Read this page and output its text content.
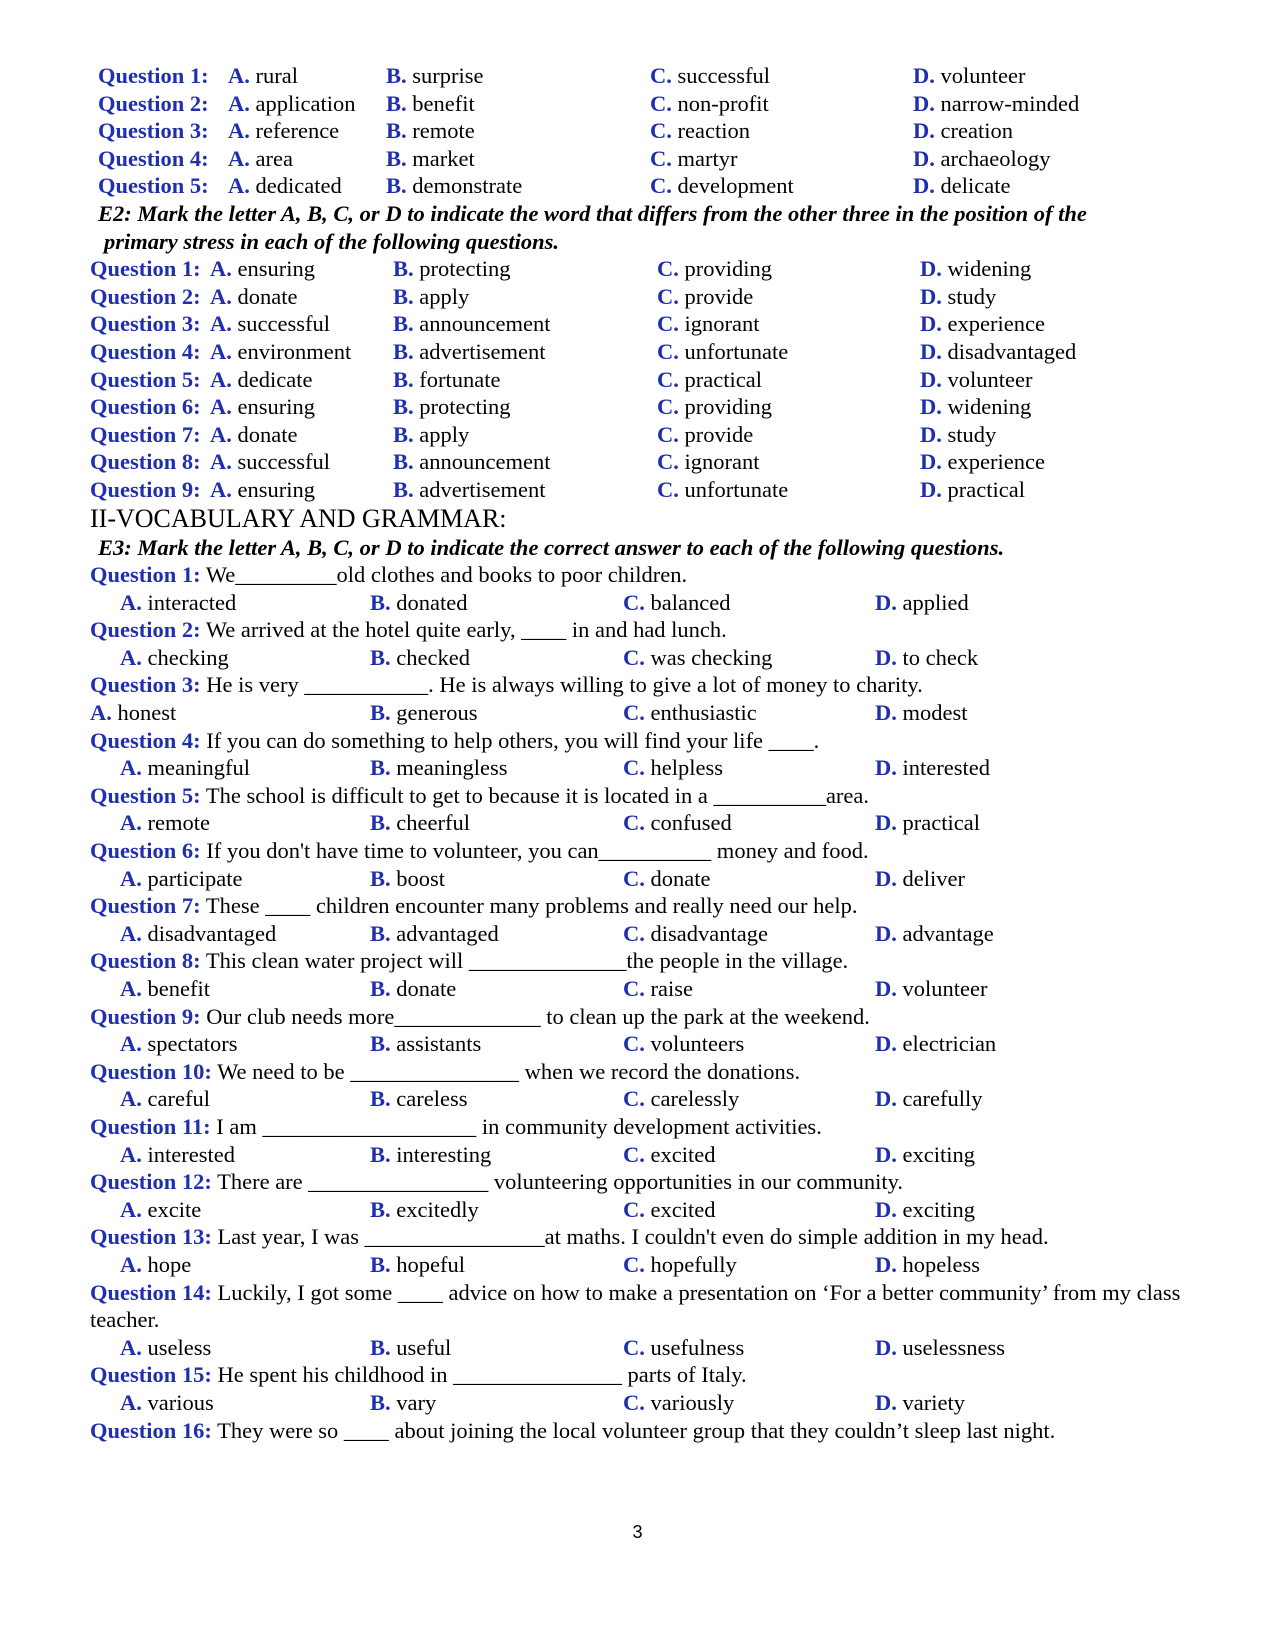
Question 1: A. rural	B. surprise	C. successful	D. volunteer
Question 2: A. application B. benefit	C. non-profit	D. narrow-minded
Question 3: A. reference B. remote	C. reaction	D. creation
Question 4: A. area	B. market	C. martyr	D. archaeology
Question 5: A. dedicated B. demonstrate	C. development	D. delicate
E2: Mark the letter A, B, C, or D to indicate the word that differs from the other three in the position of the
primary stress in each of the following questions.
Question 1: A. ensuring	B. protecting	C. providing	D. widening
Question 2: A. donate	B. apply	C. provide	D. study
Question 3: A. successful	B. announcement	C. ignorant	D. experience
Question 4: A. environment B. advertisement	C. unfortunate	D. disadvantaged
Question 5: A. dedicate	B. fortunate	C. practical	D. volunteer
Question 6: A. ensuring	B. protecting	C. providing	D. widening
Question 7: A. donate	B. apply	C. provide	D. study
Question 8: A. successful	B. announcement	C. ignorant	D. experience
Question 9: A. ensuring	B. advertisement	C. unfortunate	D. practical
II-VOCABULARY AND GRAMMAR:
E3: Mark the letter A, B, C, or D to indicate the correct answer to each of the following questions.
Question 1: We_________old clothes and books to poor children.
A. interacted	B. donated	C. balanced	D. applied
Question 2: We arrived at the hotel quite early, ____ in and had lunch.
A. checking	B. checked	C. was checking	D. to check
Question 3: He is very ___________. He is always willing to give a lot of money to charity.
A. honest	B. generous	C. enthusiastic	D. modest
Question 4: If you can do something to help others, you will find your life ____.
A. meaningful	B. meaningless	C. helpless	D. interested
Question 5: The school is difficult to get to because it is located in a __________area.
A. remote	B. cheerful	C. confused	D. practical
Question 6: If you don't have time to volunteer, you can__________ money and food.
A. participate	B. boost	C. donate	D. deliver
Question 7: These ____ children encounter many problems and really need our help.
A. disadvantaged	B. advantaged	C. disadvantage	D. advantage
Question 8: This clean water project will ______________the people in the village.
A. benefit	B. donate	C. raise	D. volunteer
Question 9: Our club needs more_____________ to clean up the park at the weekend.
A. spectators	B. assistants	C. volunteers	D. electrician
Question 10: We need to be _______________ when we record the donations.
A. careful	B. careless	C. carelessly	D. carefully
Question 11: I am ___________________ in community development activities.
A. interested	B. interesting	C. excited	D. exciting
Question 12: There are ________________ volunteering opportunities in our community.
A. excite	B. excitedly	C. excited	D. exciting
Question 13: Last year, I was ________________at maths. I couldn't even do simple addition in my head.
A. hope	B. hopeful	C. hopefully	D. hopeless
Question 14: Luckily, I got some ____ advice on how to make a presentation on ‘For a better community’ from my class teacher.
A. useless	B. useful	C. usefulness	D. uselessness
Question 15: He spent his childhood in _______________ parts of Italy.
A. various	B. vary	C. variously	D. variety
Question 16: They were so ____ about joining the local volunteer group that they couldn’t sleep last night.
3
